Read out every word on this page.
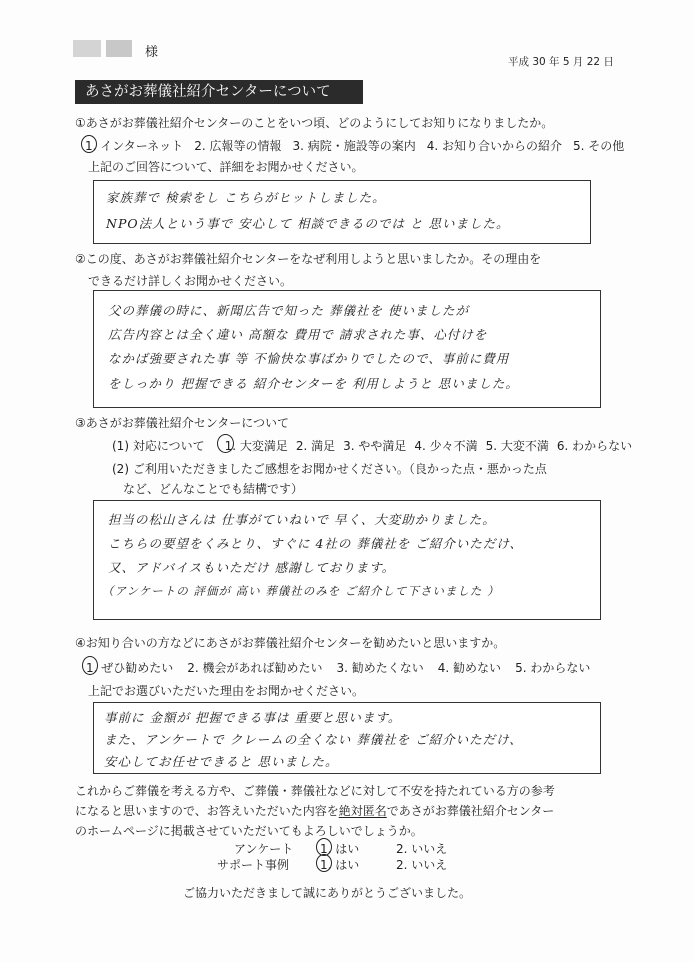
様
平成 30 年 5 月 22 日
あさがお葬儀社紹介センターについて
①あさがお葬儀社紹介センターのことをいつ頃、どのようにしてお知りになりましたか。
1. インターネット 2. 広報等の情報 3. 病院・施設等の案内 4. お知り合いからの紹介 5. その他
上記のご回答について、詳細をお聞かせください。
家族葬で 検索をし こちらがヒットしました。
NPO法人という事で 安心して 相談できるのでは と 思いました。
②この度、あさがお葬儀社紹介センターをなぜ利用しようと思いましたか。その理由を
できるだけ詳しくお聞かせください。
父の葬儀の時に、新聞広告で知った 葬儀社を 使いましたが
広告内容とは全く違い 高額な 費用で 請求された事、心付けを
なかば強要された事 等 不愉快な事ばかりでしたので、事前に費用
をしっかり 把握できる 紹介センターを 利用しようと 思いました。
③あさがお葬儀社紹介センターについて
(1) 対応について 1. 大変満足 2. 満足 3. やや満足 4. 少々不満 5. 大変不満 6. わからない
(2) ご利用いただきましたご感想をお聞かせください。（良かった点・悪かった点
など、どんなことでも結構です）
担当の松山さんは 仕事がていねいで 早く、大変助かりました。
こちらの要望をくみとり、すぐに 4社の 葬儀社を ご紹介いただけ、
又、アドバイスもいただけ 感謝しております。
（アンケートの 評価が 高い 葬儀社のみを ご紹介して下さいました ）
④お知り合いの方などにあさがお葬儀社紹介センターを勧めたいと思いますか。
1. ぜひ勧めたい 2. 機会があれば勧めたい 3. 勧めたくない 4. 勧めない 5. わからない
上記でお選びいただいた理由をお聞かせください。
事前に 金額が 把握できる事は 重要と思います。
また、アンケートで クレームの全くない 葬儀社を ご紹介いただけ、
安心してお任せできると 思いました。
これからご葬儀を考える方や、ご葬儀・葬儀社などに対して不安を持たれている方の参考
になると思いますので、お答えいただいた内容を絶対匿名であさがお葬儀社紹介センター
のホームページに掲載させていただいてもよろしいでしょうか。
アンケート 1. はい	2. いいえ
サポート事例	1. はい	2. いいえ
ご協力いただきまして誠にありがとうございました。
